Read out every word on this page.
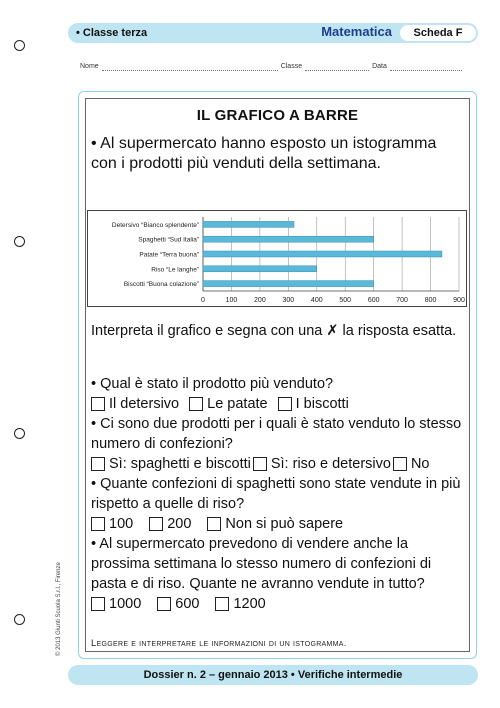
• Classe terza	Matematica	Scheda F
Nome	Classe	Data
IL GRAFICO A BARRE
• Al supermercato hanno esposto un istogramma con i prodotti più venduti della settimana.
0	100 200 300 400 500 600 700 800 900
Detersivo “Bianco splendente”
Spaghetti “Sud Italia”
Patate “Terra buona”
Riso “Le langhe”
Biscotti “Buona colazione”
Interpreta il grafico e segna con una ✗ la risposta esatta.
• Qual è stato il prodotto più venduto?
Il detersivo Le patate I biscotti
• Ci sono due prodotti per i quali è stato venduto lo stesso numero di confezioni?
Sì: spaghetti e biscotti Sì: riso e detersivo No
• Quante confezioni di spaghetti sono state vendute in più rispetto a quelle di riso?
100 200 Non si può sapere
• Al supermercato prevedono di vendere anche la prossima settimana lo stesso numero di confezioni di pasta e di riso. Quante ne avranno vendute in tutto?
1000 600 1200
Leggere e interpretare le informazioni di un istogramma.
© 2013 Giunti Scuola S.r.l., Firenze
Dossier n. 2 – gennaio 2013 • Verifiche intermedie
